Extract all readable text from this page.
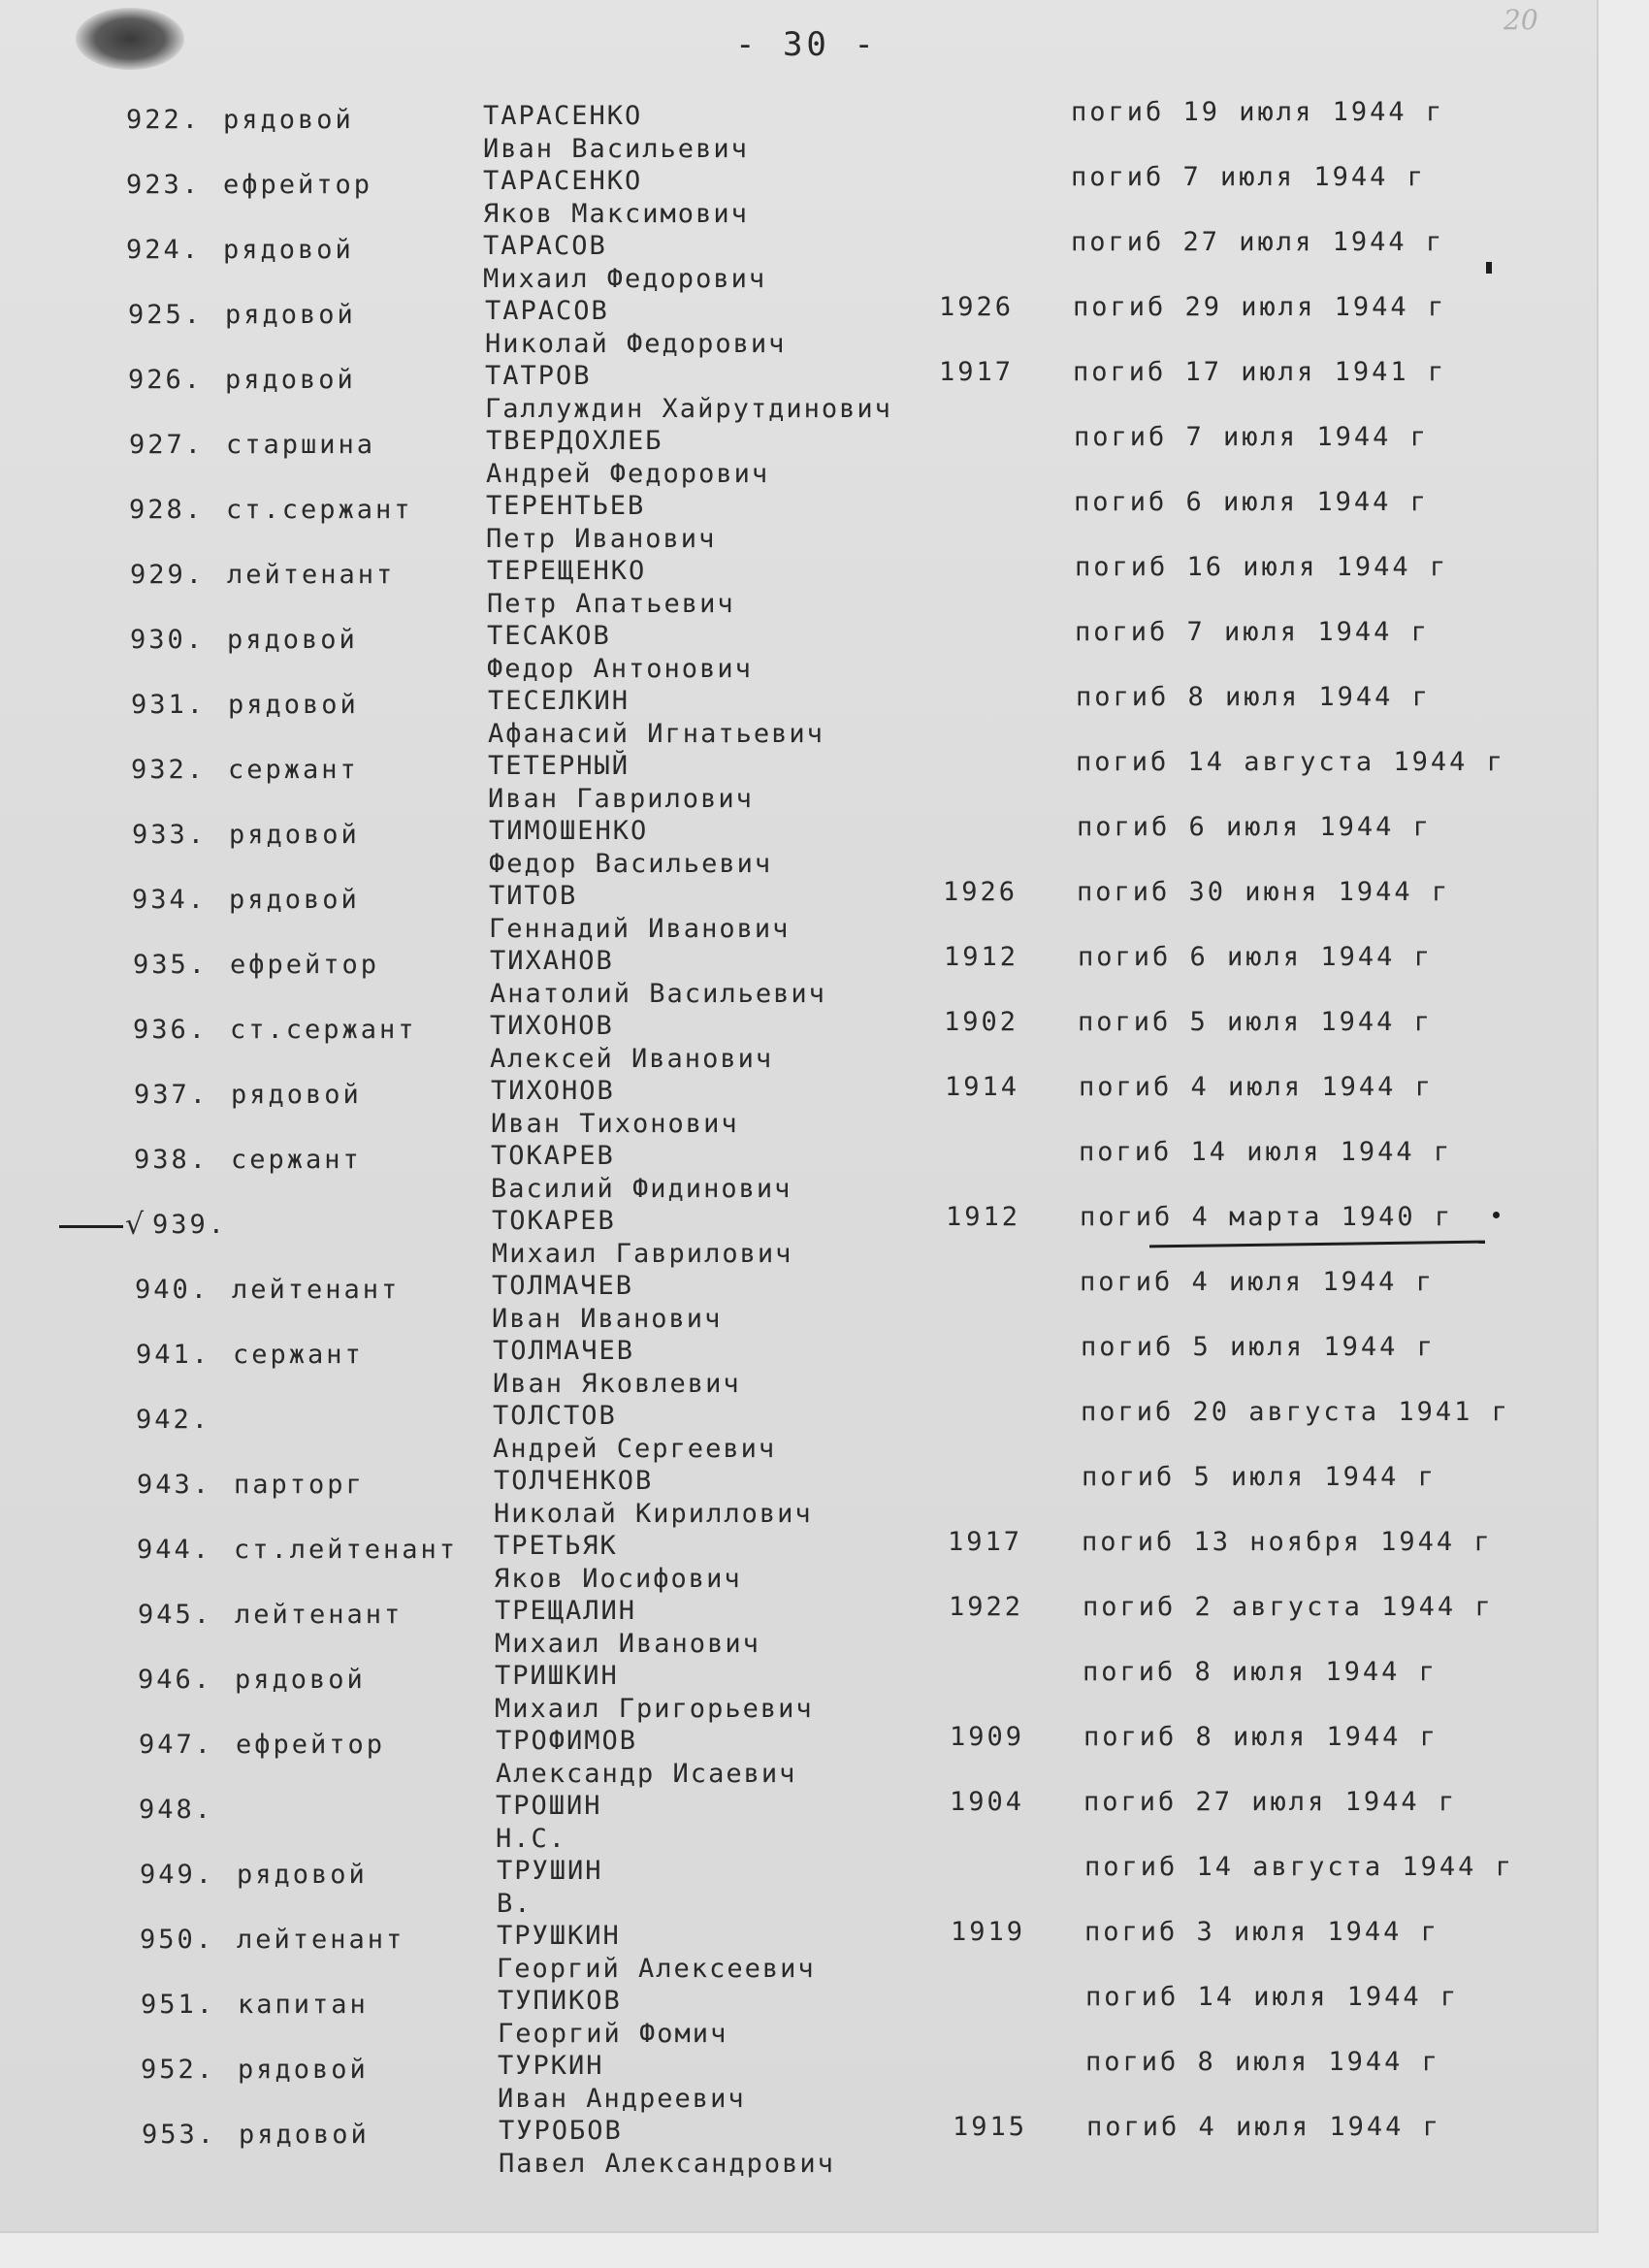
- 30 -
20
922. рядовой	ТАРАСЕНКО
Иван Васильевич
погиб 19 июля 1944 г
923. ефрейтор	ТАРАСЕНКО
Яков Максимович
погиб 7 июля 1944 г
924. рядовой	ТАРАСОВ
Михаил Федорович
погиб 27 июля 1944 г
925. рядовой	ТАРАСОВ
Николай Федорович
1926 погиб 29 июля 1944 г
926. рядовой	ТАТРОВ
Галлуждин Хайрутдинович
1917 погиб 17 июля 1941 г
927. старшина	ТВЕРДОХЛЕБ
Андрей Федорович
погиб 7 июля 1944 г
928. ст.сержант	ТЕРЕНТЬЕВ
Петр Иванович
погиб 6 июля 1944 г
929. лейтенант	ТЕРЕЩЕНКО
Петр Апатьевич
погиб 16 июля 1944 г
930. рядовой	ТЕСАКОВ
Федор Антонович
погиб 7 июля 1944 г
931. рядовой	ТЕСЕЛКИН
Афанасий Игнатьевич
погиб 8 июля 1944 г
932. сержант	ТЕТЕРНЫЙ
Иван Гаврилович
погиб 14 августа 1944 г
933. рядовой	ТИМОШЕНКО
Федор Васильевич
погиб 6 июля 1944 г
934. рядовой	ТИТОВ
Геннадий Иванович
1926 погиб 30 июня 1944 г
935. ефрейтор	ТИХАНОВ
Анатолий Васильевич
1912 погиб 6 июля 1944 г
936. ст.сержант	ТИХОНОВ
Алексей Иванович
1902 погиб 5 июля 1944 г
937. рядовой	ТИХОНОВ
Иван Тихонович
1914 погиб 4 июля 1944 г
938. сержант	ТОКАРЕВ
Василий Фидинович
погиб 14 июля 1944 г
939.	ТОКАРЕВ
Михаил Гаврилович
1912 погиб 4 марта 1940 г
√
940. лейтенант	ТОЛМАЧЕВ
Иван Иванович
погиб 4 июля 1944 г
941. сержант	ТОЛМАЧЕВ
Иван Яковлевич
погиб 5 июля 1944 г
942.	ТОЛСТОВ
Андрей Сергеевич
погиб 20 августа 1941 г
943. парторг	ТОЛЧЕНКОВ
Николай Кириллович
погиб 5 июля 1944 г
944. ст.лейтенант ТРЕТЬЯК
Яков Иосифович
1917 погиб 13 ноября 1944 г
945. лейтенант	ТРЕЩАЛИН
Михаил Иванович
1922 погиб 2 августа 1944 г
946. рядовой	ТРИШКИН
Михаил Григорьевич
погиб 8 июля 1944 г
947. ефрейтор	ТРОФИМОВ
Александр Исаевич
1909 погиб 8 июля 1944 г
948.	ТРОШИН
Н.С.
1904 погиб 27 июля 1944 г
949. рядовой	ТРУШИН
В.
погиб 14 августа 1944 г
950. лейтенант	ТРУШКИН
Георгий Алексеевич
1919 погиб 3 июля 1944 г
951. капитан	ТУПИКОВ
Георгий Фомич
погиб 14 июля 1944 г
952. рядовой	ТУРКИН
Иван Андреевич
погиб 8 июля 1944 г
953. рядовой	ТУРОБОВ
Павел Александрович
1915 погиб 4 июля 1944 г
